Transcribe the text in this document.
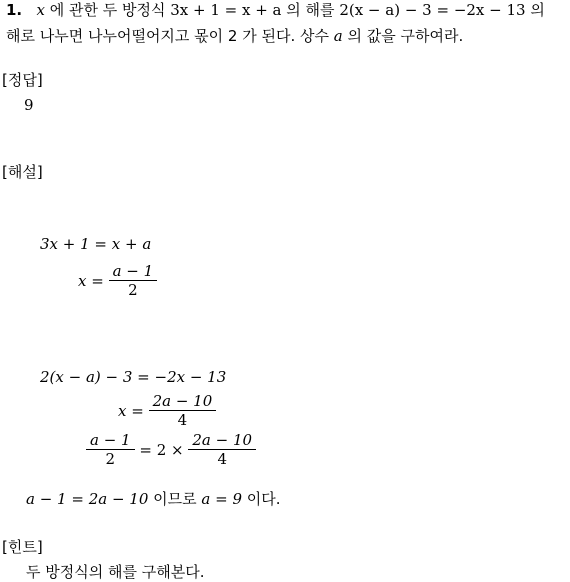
1. x 에 관한 두 방정식 3x + 1 = x + a 의 해를 2(x − a) − 3 = −2x − 13 의
해로 나누면 나누어떨어지고 몫이 2 가 된다. 상수 a 의 값을 구하여라.
[정답]
9
[해설]
3x + 1 = x + a
x =
$\frac{a - 1}{2}$
2(x − a) − 3 = −2x − 13
x =
$\frac{2a - 10}{4}$
$\frac{a - 1}{2}$
= 2 ×
$\frac{2a - 10}{4}$
a − 1 = 2a − 10 이므로 a = 9 이다.
[힌트]
두 방정식의 해를 구해본다.
